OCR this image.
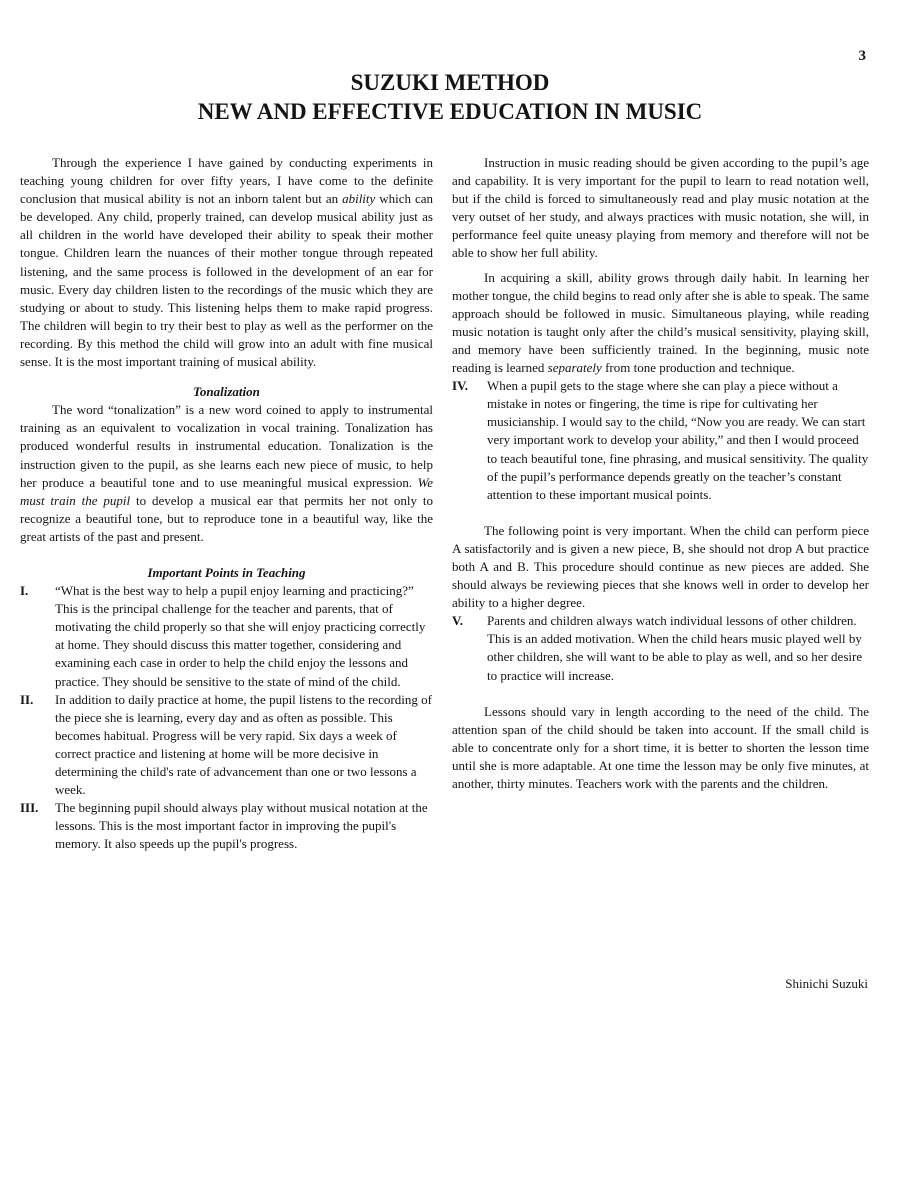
3
SUZUKI METHOD
NEW AND EFFECTIVE EDUCATION IN MUSIC

Through the experience I have gained by conducting experiments in teaching young children for over fifty years, I have come to the definite conclusion that musical ability is not an inborn talent but an ability which can be developed. Any child, properly trained, can develop musical ability just as all children in the world have developed their ability to speak their mother tongue. Children learn the nuances of their mother tongue through repeated listening, and the same process is followed in the development of an ear for music. Every day children listen to the recordings of the music which they are studying or about to study. This listening helps them to make rapid progress. The children will begin to try their best to play as well as the performer on the recording. By this method the child will grow into an adult with fine musical sense. It is the most important training of musical ability.

Tonalization

The word “tonalization” is a new word coined to apply to instrumental training as an equivalent to vocalization in vocal training. Tonalization has produced wonderful results in instrumental education. Tonalization is the instruction given to the pupil, as she learns each new piece of music, to help her produce a beautiful tone and to use meaningful musical expression. We must train the pupil to develop a musical ear that permits her not only to recognize a beautiful tone, but to reproduce tone in a beautiful way, like the great artists of the past and present.

Important Points in Teaching
I.	“What is the best way to help a pupil enjoy learning and practicing?” This is the principal challenge for the teacher and parents, that of motivating the child properly so that she will enjoy practicing correctly at home. They should discuss this matter together, considering and examining each case in order to help the child enjoy the lessons and practice. They should be sensitive to the state of mind of the child.
II.	In addition to daily practice at home, the pupil listens to the recording of the piece she is learning, every day and as often as possible. This becomes habitual. Progress will be very rapid. Six days a week of correct practice and listening at home will be more decisive in determining the child's rate of advancement than one or two lessons a week.
III.	The beginning pupil should always play without musical notation at the lessons. This is the most important factor in improving the pupil's memory. It also speeds up the pupil's progress.

Instruction in music reading should be given according to the pupil’s age and capability. It is very important for the pupil to learn to read notation well, but if the child is forced to simultaneously read and play music notation at the very outset of her study, and always practices with music notation, she will, in performance feel quite uneasy playing from memory and therefore will not be able to show her full ability.

In acquiring a skill, ability grows through daily habit. In learning her mother tongue, the child begins to read only after she is able to speak. The same approach should be followed in music. Simultaneous playing, while reading music notation is taught only after the child’s musical sensitivity, playing skill, and memory have been sufficiently trained. In the beginning, music note reading is learned separately from tone production and technique.

IV.	When a pupil gets to the stage where she can play a piece without a mistake in notes or fingering, the time is ripe for cultivating her musicianship. I would say to the child, “Now you are ready. We can start very important work to develop your ability,” and then I would proceed to teach beautiful tone, fine phrasing, and musical sensitivity. The quality of the pupil’s performance depends greatly on the teacher’s constant attention to these important musical points.

The following point is very important. When the child can perform piece A satisfactorily and is given a new piece, B, she should not drop A but practice both A and B. This procedure should continue as new pieces are added. She should always be reviewing pieces that she knows well in order to develop her ability to a higher degree.

V.	Parents and children always watch individual lessons of other children. This is an added motivation. When the child hears music played well by other children, she will want to be able to play as well, and so her desire to practice will increase.

Lessons should vary in length according to the need of the child. The attention span of the child should be taken into account. If the small child is able to concentrate only for a short time, it is better to shorten the lesson time until she is more adaptable. At one time the lesson may be only five minutes, at another, thirty minutes. Teachers work with the parents and the children.

Shinichi Suzuki
